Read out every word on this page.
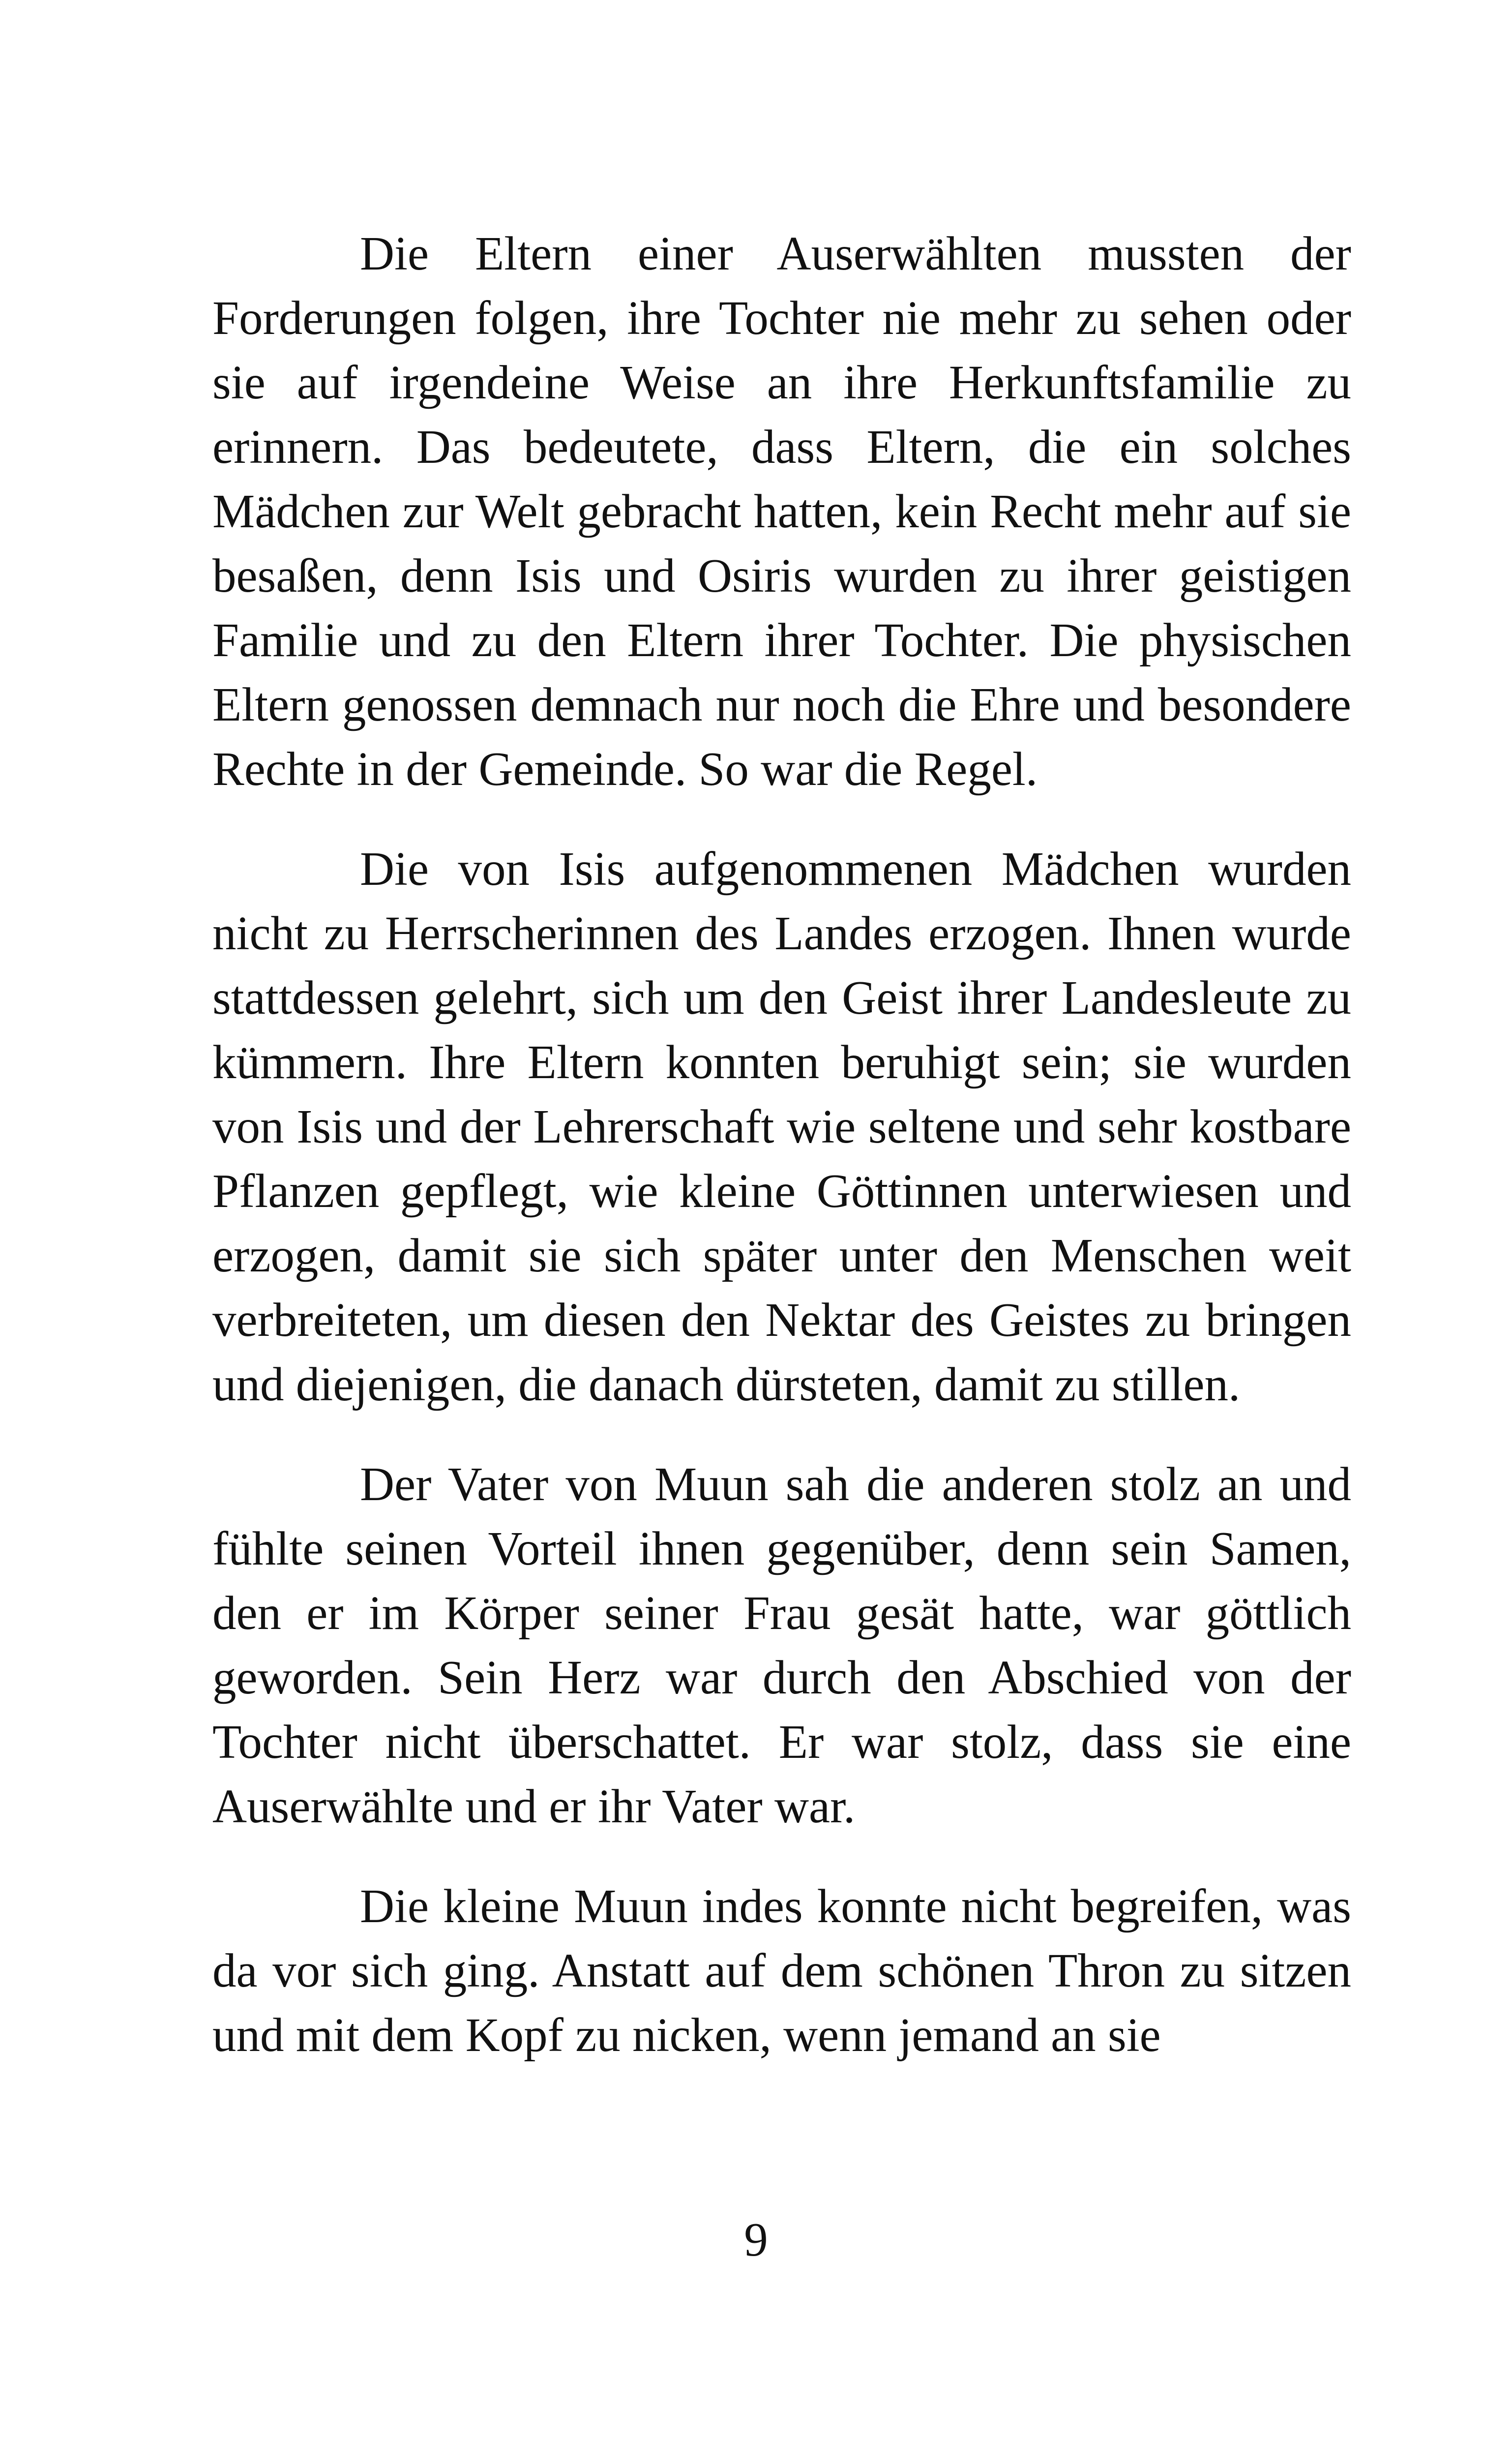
Die Eltern einer Auserwählten mussten der Forderungen folgen, ihre Tochter nie mehr zu sehen oder sie auf irgendeine Weise an ihre Herkunftsfamilie zu erinnern. Das bedeutete, dass Eltern, die ein solches Mädchen zur Welt gebracht hatten, kein Recht mehr auf sie besaßen, denn Isis und Osiris wurden zu ihrer geistigen Familie und zu den Eltern ihrer Tochter. Die physischen Eltern genossen demnach nur noch die Ehre und besondere Rechte in der Gemeinde. So war die Regel.

Die von Isis aufgenommenen Mädchen wurden nicht zu Herrscherinnen des Landes erzogen. Ihnen wurde stattdessen gelehrt, sich um den Geist ihrer Landesleute zu kümmern. Ihre Eltern konnten beruhigt sein; sie wurden von Isis und der Lehrerschaft wie seltene und sehr kostbare Pflanzen gepflegt, wie kleine Göttinnen unterwiesen und erzogen, damit sie sich später unter den Menschen weit verbreiteten, um diesen den Nektar des Geistes zu bringen und diejenigen, die danach dürsteten, damit zu stillen.

Der Vater von Muun sah die anderen stolz an und fühlte seinen Vorteil ihnen gegenüber, denn sein Samen, den er im Körper seiner Frau gesät hatte, war göttlich geworden. Sein Herz war durch den Abschied von der Tochter nicht überschattet. Er war stolz, dass sie eine Auserwählte und er ihr Vater war.

Die kleine Muun indes konnte nicht begreifen, was da vor sich ging. Anstatt auf dem schönen Thron zu sitzen und mit dem Kopf zu nicken, wenn jemand an sie

9
